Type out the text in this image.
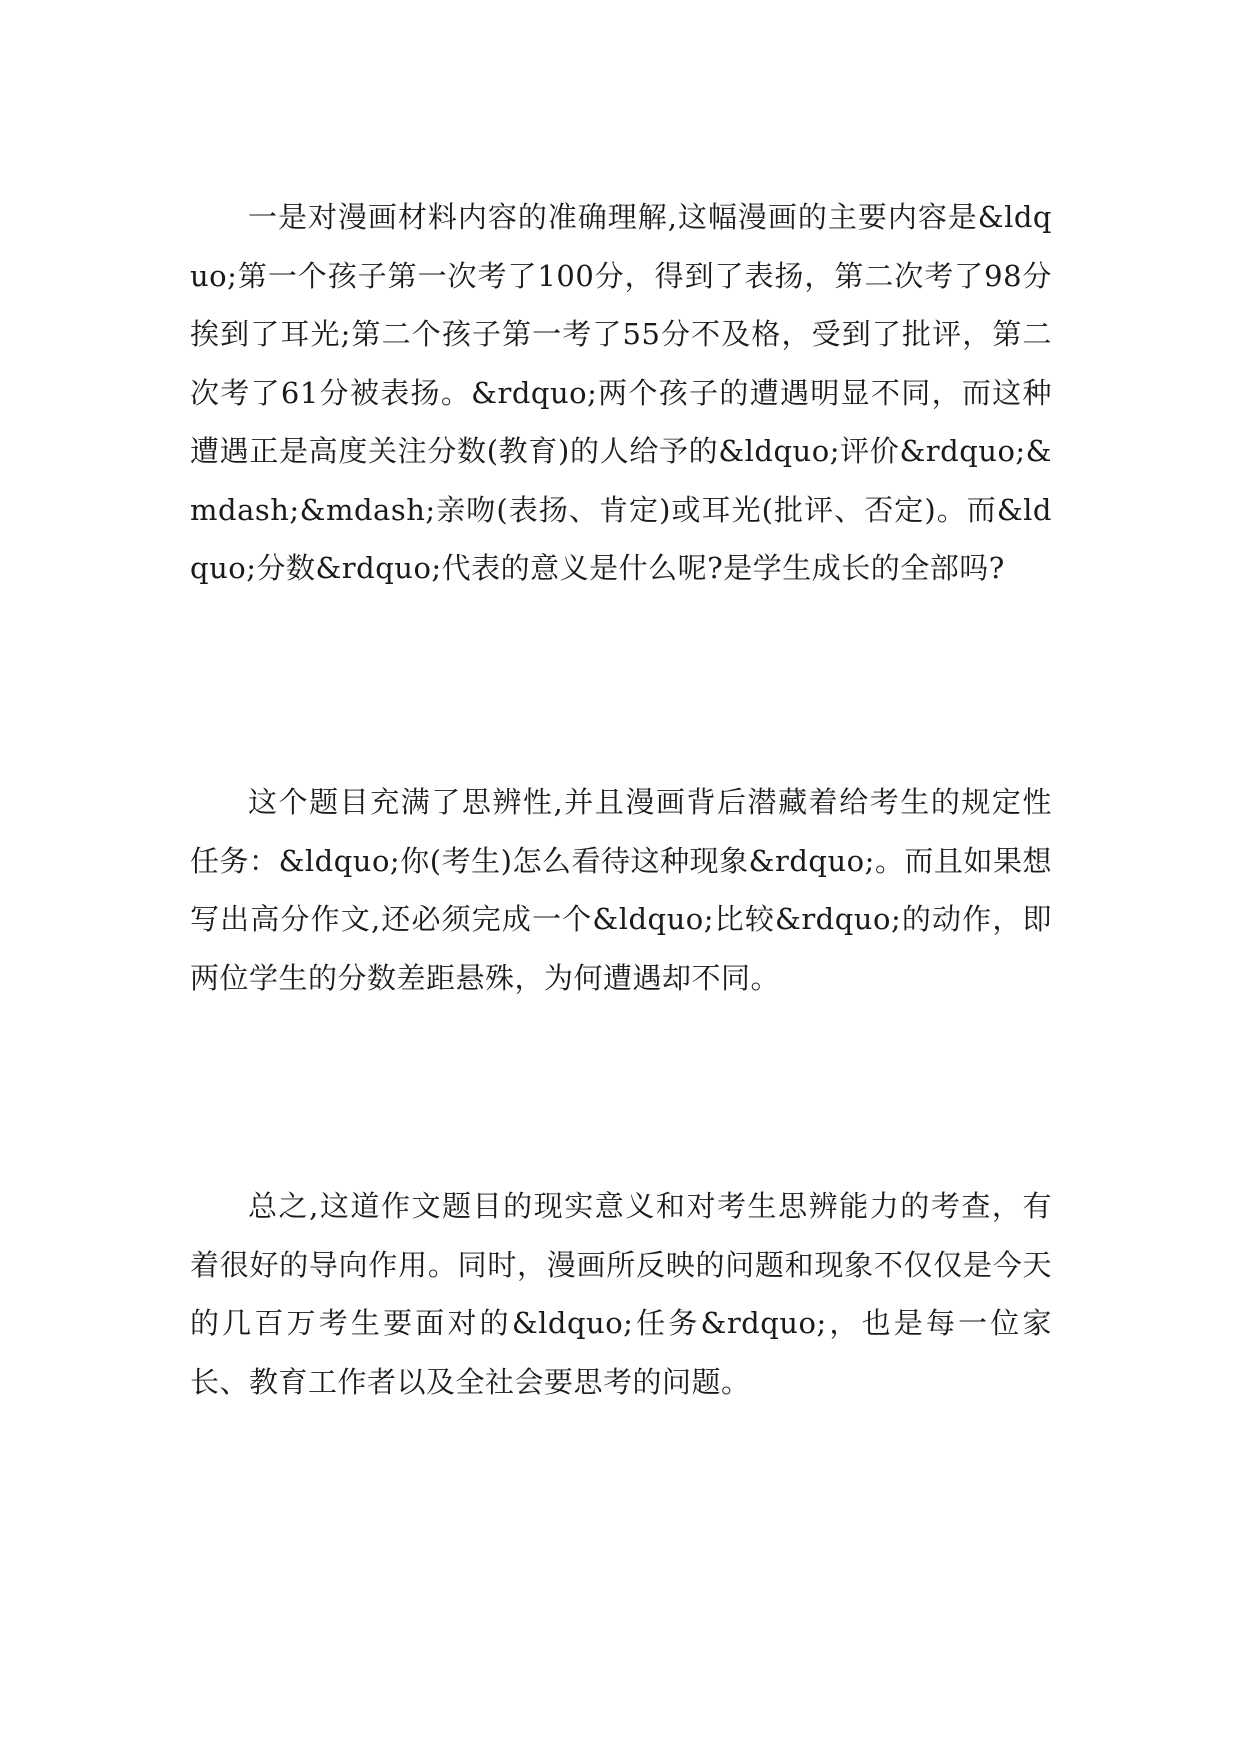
一是对漫画材料内容的准确理解,这幅漫画的主要内容是&ldquo;第一个孩子第一次考了100分，得到了表扬，第二次考了98分挨到了耳光;第二个孩子第一考了55分不及格，受到了批评，第二次考了61分被表扬。&rdquo;两个孩子的遭遇明显不同，而这种遭遇正是高度关注分数(教育)的人给予的&ldquo;评价&rdquo;&mdash;&mdash;亲吻(表扬、肯定)或耳光(批评、否定)。而&ldquo;分数&rdquo;代表的意义是什么呢?是学生成长的全部吗?

这个题目充满了思辨性,并且漫画背后潜藏着给考生的规定性任务：&ldquo;你(考生)怎么看待这种现象&rdquo;。而且如果想写出高分作文,还必须完成一个&ldquo;比较&rdquo;的动作，即两位学生的分数差距悬殊，为何遭遇却不同。

总之,这道作文题目的现实意义和对考生思辨能力的考查，有着很好的导向作用。同时，漫画所反映的问题和现象不仅仅是今天的几百万考生要面对的&ldquo;任务&rdquo;，也是每一位家长、教育工作者以及全社会要思考的问题。
